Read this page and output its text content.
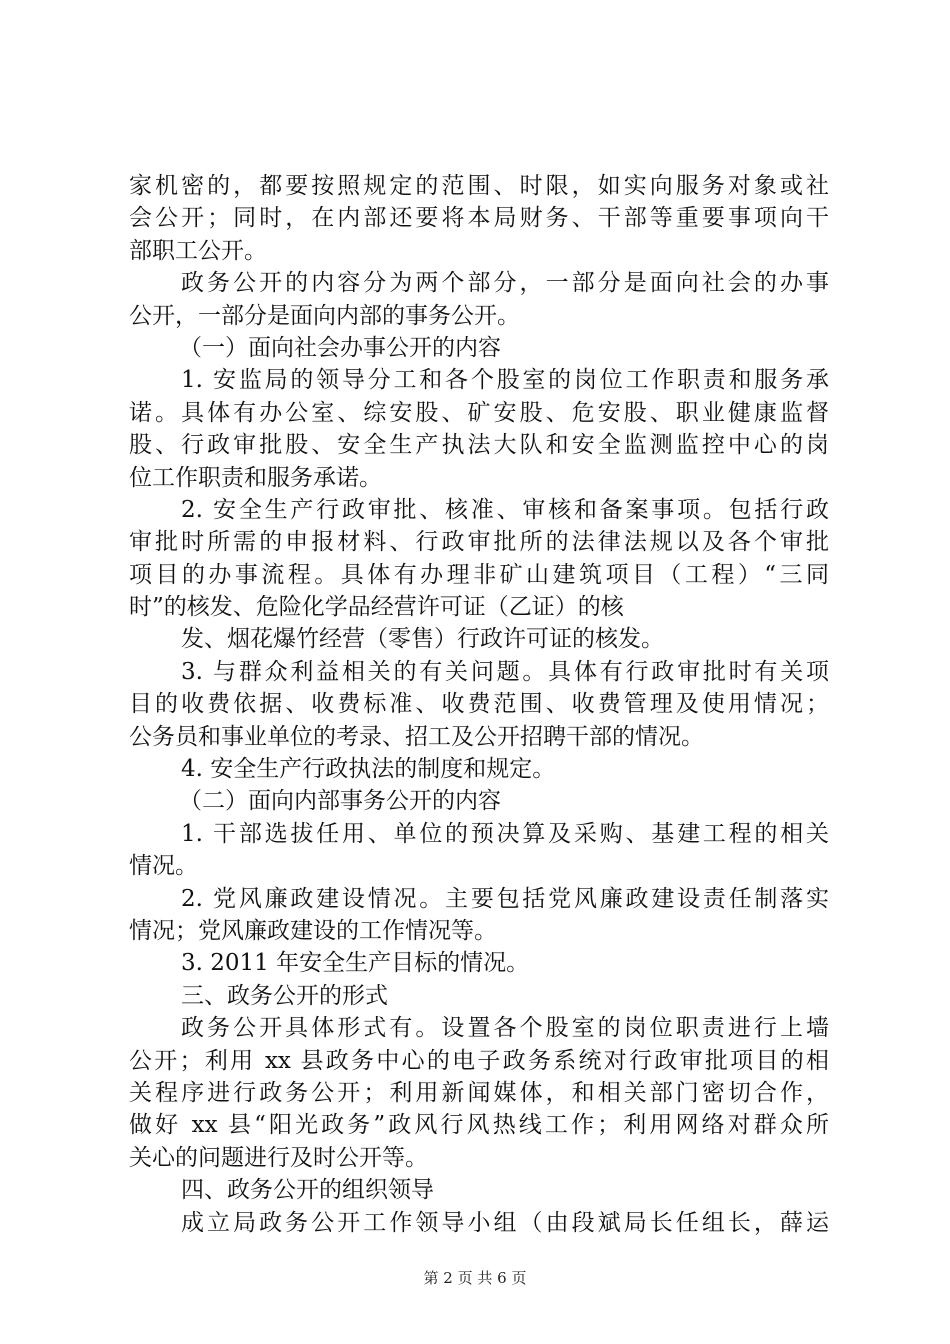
家机密的，都要按照规定的范围、时限，如实向服务对象或社
会公开；同时，在内部还要将本局财务、干部等重要事项向干
部职工公开。
政务公开的内容分为两个部分，一部分是面向社会的办事
公开，一部分是面向内部的事务公开。
（一）面向社会办事公开的内容
1. 安监局的领导分工和各个股室的岗位工作职责和服务承
诺。具体有办公室、综安股、矿安股、危安股、职业健康监督
股、行政审批股、安全生产执法大队和安全监测监控中心的岗
位工作职责和服务承诺。
2. 安全生产行政审批、核准、审核和备案事项。包括行政
审批时所需的申报材料、行政审批所的法律法规以及各个审批
项目的办事流程。具体有办理非矿山建筑项目（工程）“三同
时”的核发、危险化学品经营许可证（乙证）的核
发、烟花爆竹经营（零售）行政许可证的核发。
3. 与群众利益相关的有关问题。具体有行政审批时有关项
目的收费依据、收费标准、收费范围、收费管理及使用情况；
公务员和事业单位的考录、招工及公开招聘干部的情况。
4. 安全生产行政执法的制度和规定。
（二）面向内部事务公开的内容
1. 干部选拔任用、单位的预决算及采购、基建工程的相关
情况。
2. 党风廉政建设情况。主要包括党风廉政建设责任制落实
情况；党风廉政建设的工作情况等。
3. 2011 年安全生产目标的情况。
三、政务公开的形式
政务公开具体形式有。设置各个股室的岗位职责进行上墙
公开；利用 xx 县政务中心的电子政务系统对行政审批项目的相
关程序进行政务公开；利用新闻媒体，和相关部门密切合作，
做好 xx 县“阳光政务”政风行风热线工作；利用网络对群众所
关心的问题进行及时公开等。
四、政务公开的组织领导
成立局政务公开工作领导小组（由段斌局长任组长，薛运
第 2 页 共 6 页
